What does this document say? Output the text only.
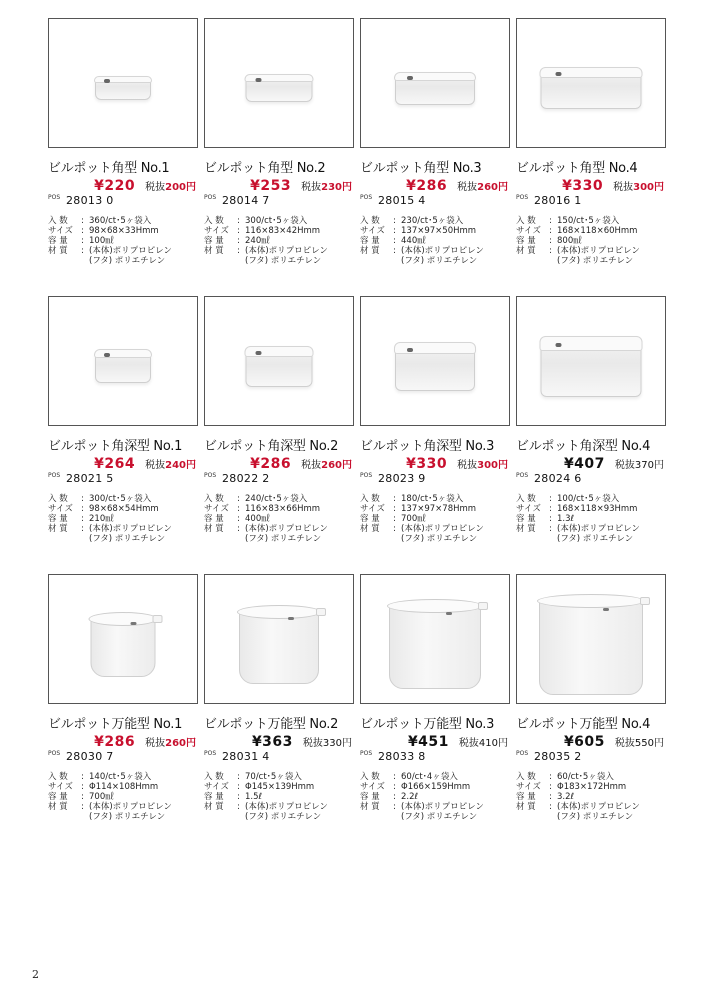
ビルポット角型 No.1
¥220 税抜200円
POS 28013 0
入 数	: 360/ct･5ヶ袋入
サイズ : 98×68×33Hmm
容 量	: 100㎖
材 質	: (本体)ポリプロピレン
(フタ) ポリエチレン
ビルポット角型 No.2
¥253 税抜230円
POS 28014 7
入 数	: 300/ct･5ヶ袋入
サイズ : 116×83×42Hmm
容 量	: 240㎖
材 質	: (本体)ポリプロピレン
(フタ) ポリエチレン
ビルポット角型 No.3
¥286 税抜260円
POS 28015 4
入 数	: 230/ct･5ヶ袋入
サイズ : 137×97×50Hmm
容 量	: 440㎖
材 質	: (本体)ポリプロピレン
(フタ) ポリエチレン
ビルポット角型 No.4
¥330 税抜300円
POS 28016 1
入 数	: 150/ct･5ヶ袋入
サイズ : 168×118×60Hmm
容 量	: 800㎖
材 質	: (本体)ポリプロピレン
(フタ) ポリエチレン
ビルポット角深型 No.1
¥264 税抜240円
POS 28021 5
入 数	: 300/ct･5ヶ袋入
サイズ : 98×68×54Hmm
容 量	: 210㎖
材 質	: (本体)ポリプロピレン
(フタ) ポリエチレン
ビルポット角深型 No.2
¥286 税抜260円
POS 28022 2
入 数	: 240/ct･5ヶ袋入
サイズ : 116×83×66Hmm
容 量	: 400㎖
材 質	: (本体)ポリプロピレン
(フタ) ポリエチレン
ビルポット角深型 No.3
¥330 税抜300円
POS 28023 9
入 数	: 180/ct･5ヶ袋入
サイズ : 137×97×78Hmm
容 量	: 700㎖
材 質	: (本体)ポリプロピレン
(フタ) ポリエチレン
ビルポット角深型 No.4
¥407 税抜370円
POS 28024 6
入 数	: 100/ct･5ヶ袋入
サイズ : 168×118×93Hmm
容 量	: 1.3ℓ
材 質	: (本体)ポリプロピレン
(フタ) ポリエチレン
ビルポット万能型 No.1
¥286 税抜260円
POS 28030 7
入 数	: 140/ct･5ヶ袋入
サイズ : Φ114×108Hmm
容 量	: 700㎖
材 質	: (本体)ポリプロピレン
(フタ) ポリエチレン
ビルポット万能型 No.2
¥363 税抜330円
POS 28031 4
入 数	: 70/ct･5ヶ袋入
サイズ : Φ145×139Hmm
容 量	: 1.5ℓ
材 質	: (本体)ポリプロピレン
(フタ) ポリエチレン
ビルポット万能型 No.3
¥451 税抜410円
POS 28033 8
入 数	: 60/ct･4ヶ袋入
サイズ : Φ166×159Hmm
容 量	: 2.2ℓ
材 質	: (本体)ポリプロピレン
(フタ) ポリエチレン
ビルポット万能型 No.4
¥605 税抜550円
POS 28035 2
入 数	: 60/ct･5ヶ袋入
サイズ : Φ183×172Hmm
容 量	: 3.2ℓ
材 質	: (本体)ポリプロピレン
(フタ) ポリエチレン
2
